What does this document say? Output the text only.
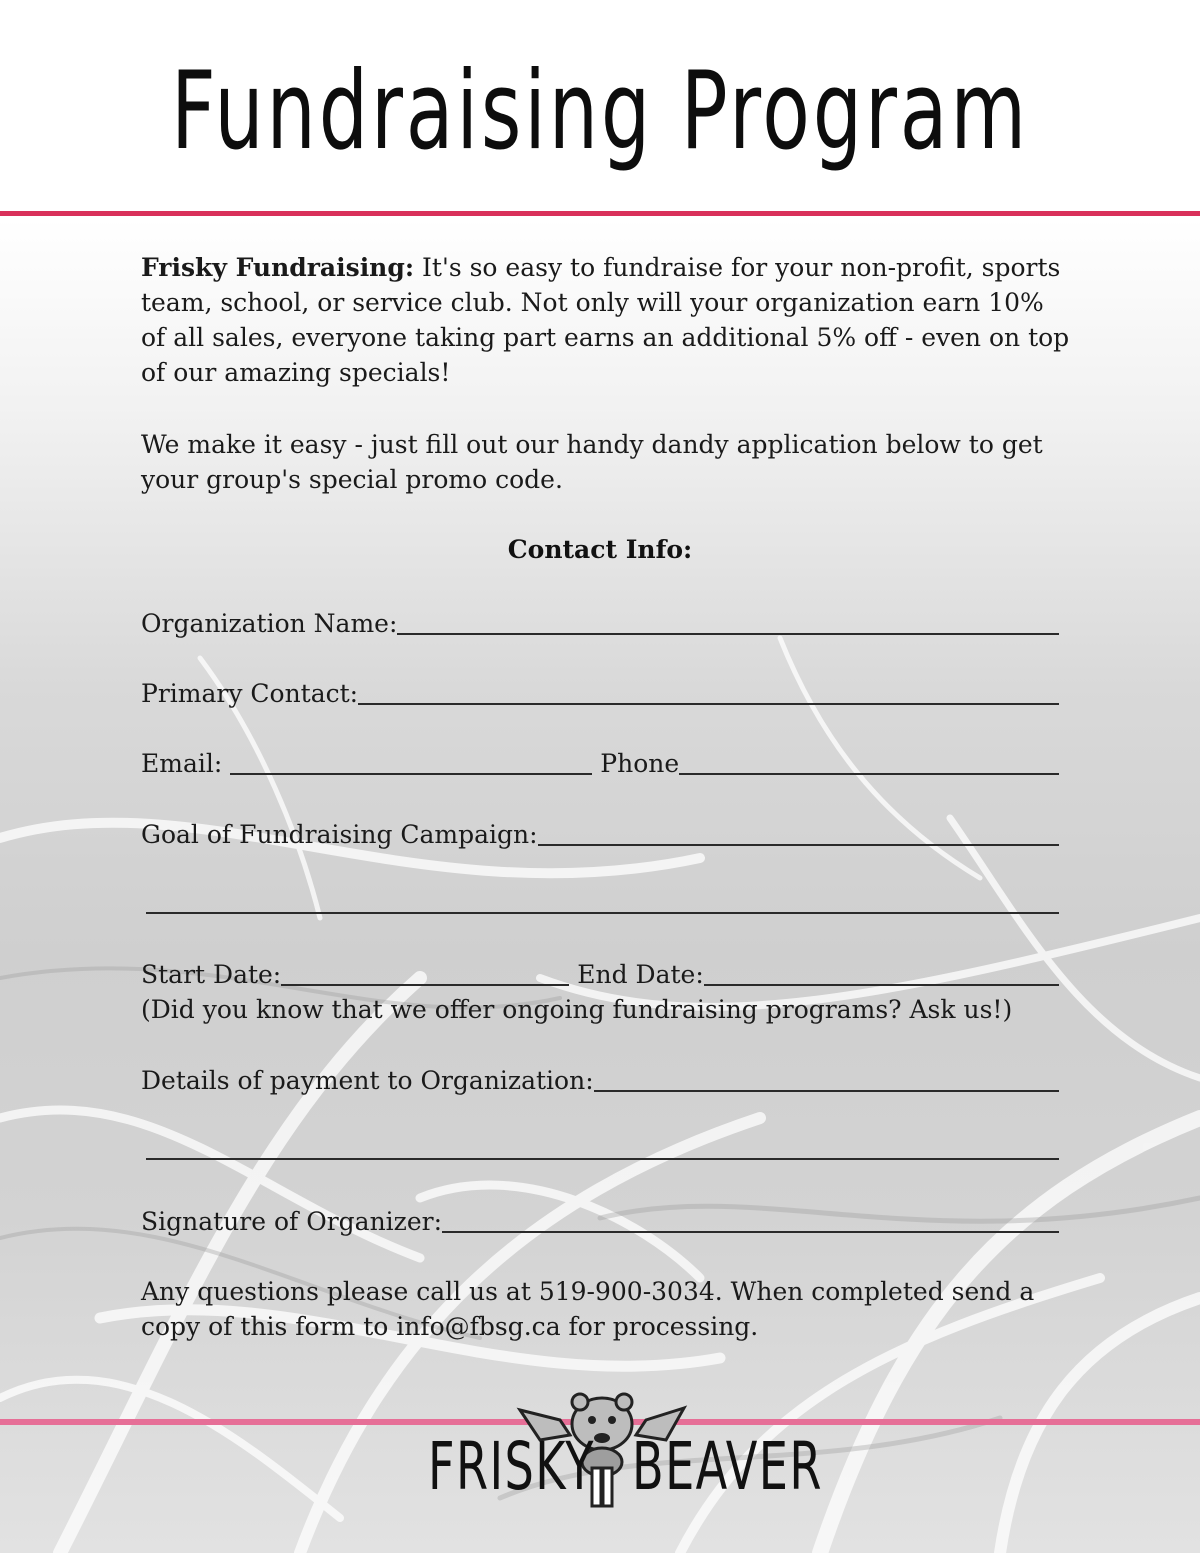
Fundraising Program
Frisky Fundraising: It's so easy to fundraise for your non-profit, sports team, school, or service club. Not only will your organization earn 10% of all sales, everyone taking part earns an additional 5% off - even on top of our amazing specials!
We make it easy - just fill out our handy dandy application below to get your group's special promo code.
Contact Info:
Organization Name:
Primary Contact:
Email:	Phone
Goal of Fundraising Campaign:
Start Date:	End Date:
(Did you know that we offer ongoing fundraising programs? Ask us!)
Details of payment to Organization:
Signature of Organizer:
Any questions please call us at 519-900-3034. When completed send a copy of this form to info@fbsg.ca for processing.
FRISKY BEAVER
